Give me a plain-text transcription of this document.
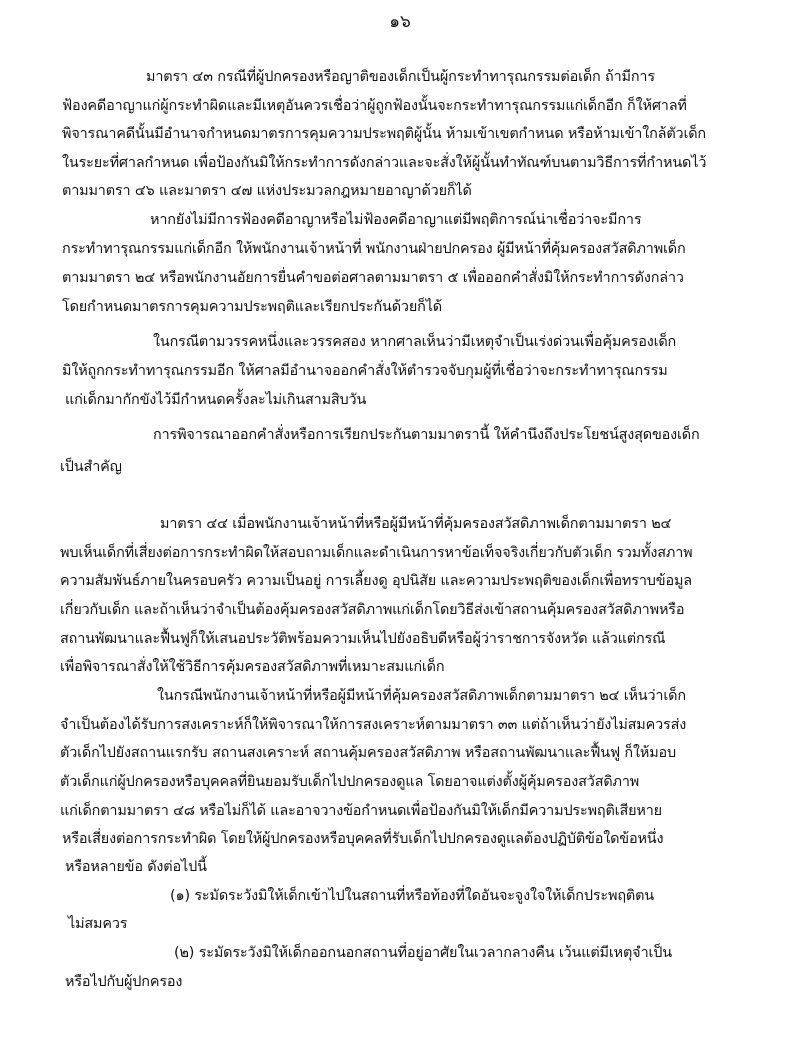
๑๖
มาตรา ๔๓ กรณีที่ผู้ปกครองหรือญาติของเด็กเป็นผู้กระทำทารุณกรรมต่อเด็ก ถ้ามีการ
ฟ้องคดีอาญาแก่ผู้กระทำผิดและมีเหตุอันควรเชื่อว่าผู้ถูกฟ้องนั้นจะกระทำทารุณกรรมแก่เด็กอีก ก็ให้ศาลที่
พิจารณาคดีนั้นมีอำนาจกำหนดมาตรการคุมความประพฤติผู้นั้น ห้ามเข้าเขตกำหนด หรือห้ามเข้าใกล้ตัวเด็ก
ในระยะที่ศาลกำหนด เพื่อป้องกันมิให้กระทำการดังกล่าวและจะสั่งให้ผู้นั้นทำทัณฑ์บนตามวิธีการที่กำหนดไว้
ตามมาตรา ๔๖ และมาตรา ๔๗ แห่งประมวลกฎหมายอาญาด้วยก็ได้
หากยังไม่มีการฟ้องคดีอาญาหรือไม่ฟ้องคดีอาญาแต่มีพฤติการณ์น่าเชื่อว่าจะมีการ
กระทำทารุณกรรมแก่เด็กอีก ให้พนักงานเจ้าหน้าที่ พนักงานฝ่ายปกครอง ผู้มีหน้าที่คุ้มครองสวัสดิภาพเด็ก
ตามมาตรา ๒๔ หรือพนักงานอัยการยื่นคำขอต่อศาลตามมาตรา ๕ เพื่อออกคำสั่งมิให้กระทำการดังกล่าว
โดยกำหนดมาตรการคุมความประพฤติและเรียกประกันด้วยก็ได้
ในกรณีตามวรรคหนึ่งและวรรคสอง หากศาลเห็นว่ามีเหตุจำเป็นเร่งด่วนเพื่อคุ้มครองเด็ก
มิให้ถูกกระทำทารุณกรรมอีก ให้ศาลมีอำนาจออกคำสั่งให้ตำรวจจับกุมผู้ที่เชื่อว่าจะกระทำทารุณกรรม
แก่เด็กมากักขังไว้มีกำหนดครั้งละไม่เกินสามสิบวัน
การพิจารณาออกคำสั่งหรือการเรียกประกันตามมาตรานี้ ให้คำนึงถึงประโยชน์สูงสุดของเด็ก
เป็นสำคัญ
มาตรา ๔๔ เมื่อพนักงานเจ้าหน้าที่หรือผู้มีหน้าที่คุ้มครองสวัสดิภาพเด็กตามมาตรา ๒๔
พบเห็นเด็กที่เสี่ยงต่อการกระทำผิดให้สอบถามเด็กและดำเนินการหาข้อเท็จจริงเกี่ยวกับตัวเด็ก รวมทั้งสภาพ
ความสัมพันธ์ภายในครอบครัว ความเป็นอยู่ การเลี้ยงดู อุปนิสัย และความประพฤติของเด็กเพื่อทราบข้อมูล
เกี่ยวกับเด็ก และถ้าเห็นว่าจำเป็นต้องคุ้มครองสวัสดิภาพแก่เด็กโดยวิธีส่งเข้าสถานคุ้มครองสวัสดิภาพหรือ
สถานพัฒนาและฟื้นฟูก็ให้เสนอประวัติพร้อมความเห็นไปยังอธิบดีหรือผู้ว่าราชการจังหวัด แล้วแต่กรณี
เพื่อพิจารณาสั่งให้ใช้วิธีการคุ้มครองสวัสดิภาพที่เหมาะสมแก่เด็ก
ในกรณีพนักงานเจ้าหน้าที่หรือผู้มีหน้าที่คุ้มครองสวัสดิภาพเด็กตามมาตรา ๒๔ เห็นว่าเด็ก
จำเป็นต้องได้รับการสงเคราะห์ก็ให้พิจารณาให้การสงเคราะห์ตามมาตรา ๓๓ แต่ถ้าเห็นว่ายังไม่สมควรส่ง
ตัวเด็กไปยังสถานแรกรับ สถานสงเคราะห์ สถานคุ้มครองสวัสดิภาพ หรือสถานพัฒนาและฟื้นฟู ก็ให้มอบ
ตัวเด็กแก่ผู้ปกครองหรือบุคคลที่ยินยอมรับเด็กไปปกครองดูแล โดยอาจแต่งตั้งผู้คุ้มครองสวัสดิภาพ
แก่เด็กตามมาตรา ๔๘ หรือไม่ก็ได้ และอาจวางข้อกำหนดเพื่อป้องกันมิให้เด็กมีความประพฤติเสียหาย
หรือเสี่ยงต่อการกระทำผิด โดยให้ผู้ปกครองหรือบุคคลที่รับเด็กไปปกครองดูแลต้องปฏิบัติข้อใดข้อหนึ่ง
หรือหลายข้อ ดังต่อไปนี้
(๑) ระมัดระวังมิให้เด็กเข้าไปในสถานที่หรือท้องที่ใดอันจะจูงใจให้เด็กประพฤติตน
ไม่สมควร
(๒) ระมัดระวังมิให้เด็กออกนอกสถานที่อยู่อาศัยในเวลากลางคืน เว้นแต่มีเหตุจำเป็น
หรือไปกับผู้ปกครอง
